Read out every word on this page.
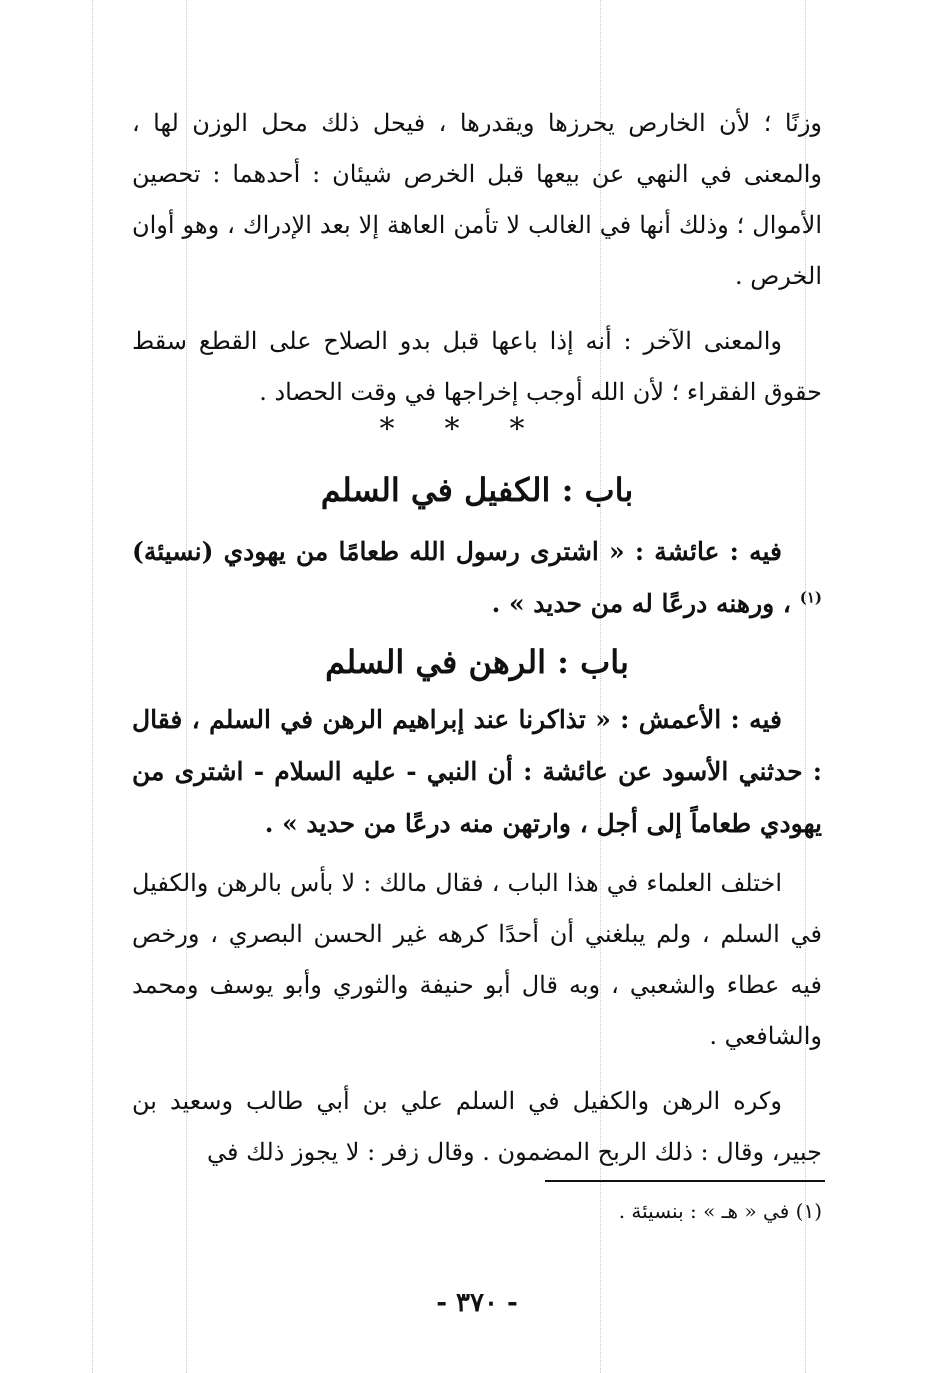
وزنًا ؛ لأن الخارص يحرزها ويقدرها ، فيحل ذلك محل الوزن لها ، والمعنى في النهي عن بيعها قبل الخرص شيئان : أحدهما : تحصين الأموال ؛ وذلك أنها في الغالب لا تأمن العاهة إلا بعد الإدراك ، وهو أوان الخرص .

والمعنى الآخر : أنه إذا باعها قبل بدو الصلاح على القطع سقط حقوق الفقراء ؛ لأن الله أوجب إخراجها في وقت الحصاد .

***
باب : الكفيل في السلم

فيه : عائشة : « اشترى رسول الله طعامًا من يهودي (نسيئة)$^{(١)}$ ، ورهنه درعًا له من حديد » .

باب : الرهن في السلم

فيه : الأعمش : « تذاكرنا عند إبراهيم الرهن في السلم ، فقال : حدثني الأسود عن عائشة : أن النبي - عليه السلام - اشترى من يهودي طعاماً إلى أجل ، وارتهن منه درعًا من حديد » .

اختلف العلماء في هذا الباب ، فقال مالك : لا بأس بالرهن والكفيل في السلم ، ولم يبلغني أن أحدًا كرهه غير الحسن البصري ، ورخص فيه عطاء والشعبي ، وبه قال أبو حنيفة والثوري وأبو يوسف ومحمد والشافعي .

وكره الرهن والكفيل في السلم علي بن أبي طالب وسعيد بن جبير، وقال : ذلك الربح المضمون . وقال زفر : لا يجوز ذلك في

(١) في « هـ » : بنسيئة .
- ٣٧٠ -
